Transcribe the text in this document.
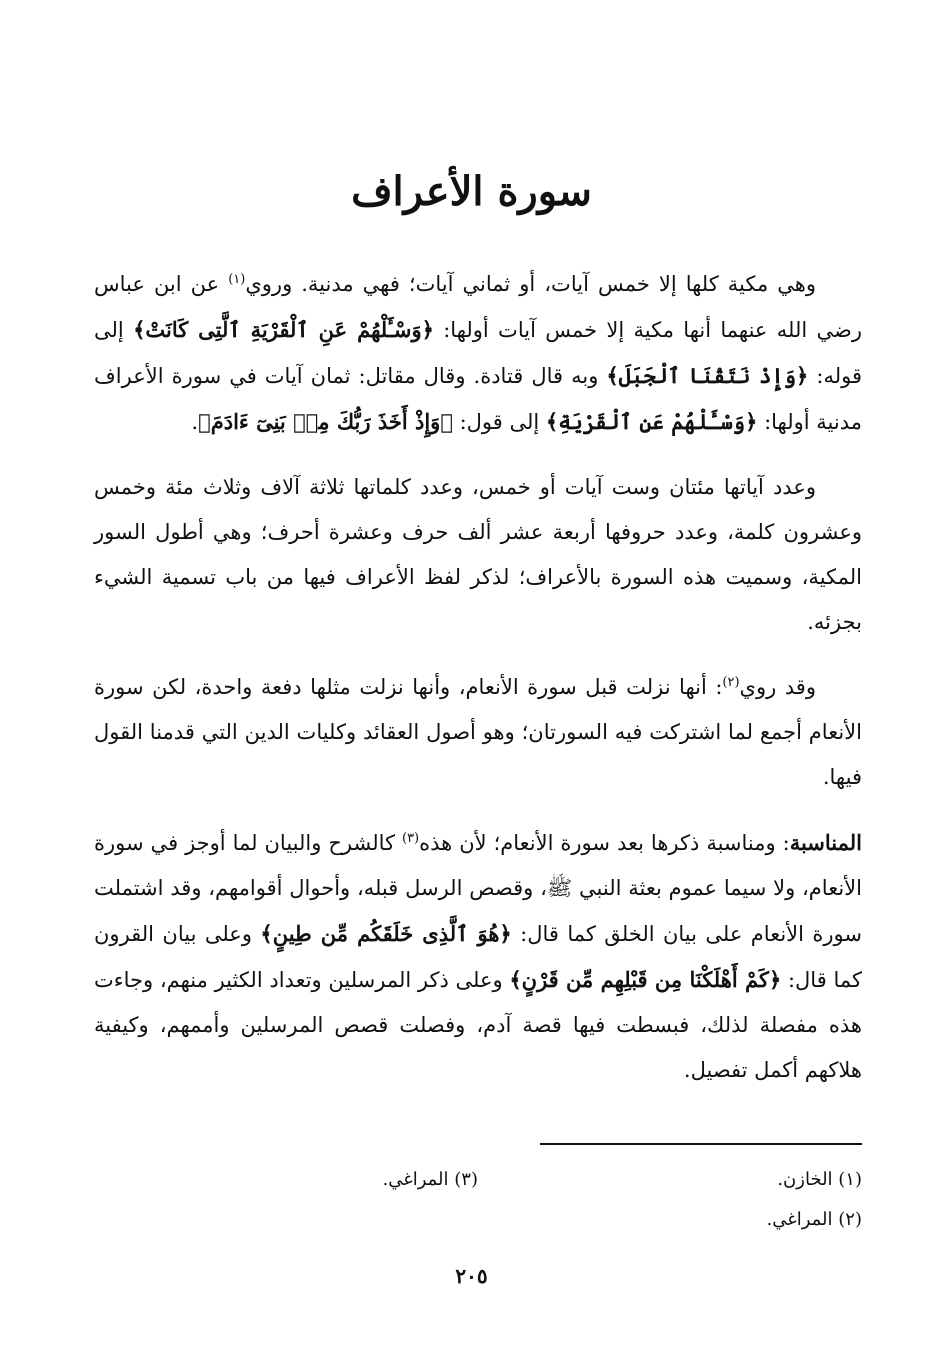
سورة الأعراف

وهي مكية كلها إلا خمس آيات، أو ثماني آيات؛ فهي مدنية. وروي$^{(١)}$ عن ابن عباس رضي الله عنهما أنها مكية إلا خمس آيات أولها: ﴿وَسْـَٔلْهُمْ عَنِ ٱلْقَرْيَةِ ٱلَّتِى كَانَتْ﴾ إلى قوله: ﴿وَإِذْ نَتَقْنَا ٱلْجَبَلَ﴾ وبه قال قتادة. وقال مقاتل: ثمان آيات في سورة الأعراف مدنية أولها: ﴿وَسْـَٔلْهُمْ عَنِ ٱلْقَرْيَةِ﴾ إلى قول: ﴿وَإِذْ أَخَذَ رَبُّكَ مِنۢ بَنِىٓ ءَادَمَ﴾.

وعدد آياتها مئتان وست آيات أو خمس، وعدد كلماتها ثلاثة آلاف وثلاث مئة وخمس وعشرون كلمة، وعدد حروفها أربعة عشر ألف حرف وعشرة أحرف؛ وهي أطول السور المكية، وسميت هذه السورة بالأعراف؛ لذكر لفظ الأعراف فيها من باب تسمية الشيء بجزئه.

وقد روي$^{(٢)}$: أنها نزلت قبل سورة الأنعام، وأنها نزلت مثلها دفعة واحدة، لكن سورة الأنعام أجمع لما اشتركت فيه السورتان؛ وهو أصول العقائد وكليات الدين التي قدمنا القول فيها.

المناسبة: ومناسبة ذكرها بعد سورة الأنعام؛ لأن هذه$^{(٣)}$ كالشرح والبيان لما أوجز في سورة الأنعام، ولا سيما عموم بعثة النبي ﷺ، وقصص الرسل قبله، وأحوال أقوامهم، وقد اشتملت سورة الأنعام على بيان الخلق كما قال: ﴿هُوَ ٱلَّذِى خَلَقَكُم مِّن طِينٍ﴾ وعلى بيان القرون كما قال: ﴿كَمْ أَهْلَكْنَا مِن قَبْلِهِم مِّن قَرْنٍ﴾ وعلى ذكر المرسلين وتعداد الكثير منهم، وجاءت هذه مفصلة لذلك، فبسطت فيها قصة آدم، وفصلت قصص المرسلين وأممهم، وكيفية هلاكهم أكمل تفصيل.

(١) الخازن.
(٣) المراغي.
(٢) المراغي.
٢٠٥
